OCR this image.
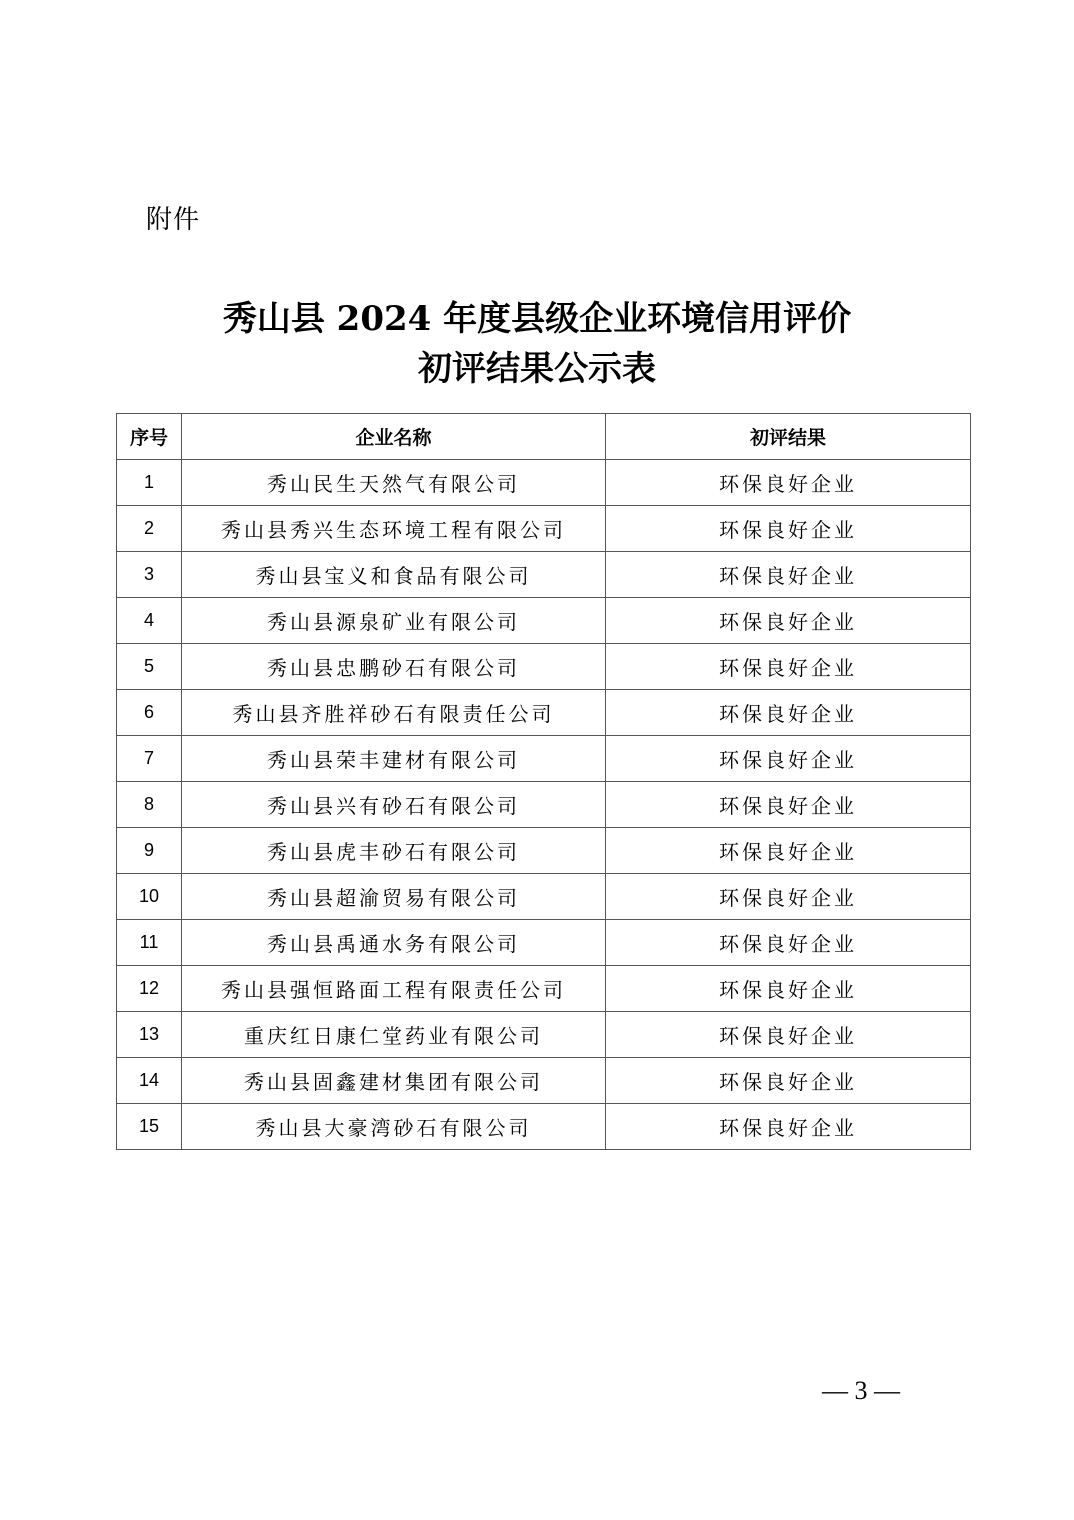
附件
秀山县 2024 年度县级企业环境信用评价
初评结果公示表
序号	企业名称	初评结果
1	秀山民生天然气有限公司	环保良好企业
2	秀山县秀兴生态环境工程有限公司	环保良好企业
3	秀山县宝义和食品有限公司	环保良好企业
4	秀山县源泉矿业有限公司	环保良好企业
5	秀山县忠鹏砂石有限公司	环保良好企业
6	秀山县齐胜祥砂石有限责任公司	环保良好企业
7	秀山县荣丰建材有限公司	环保良好企业
8	秀山县兴有砂石有限公司	环保良好企业
9	秀山县虎丰砂石有限公司	环保良好企业
10	秀山县超渝贸易有限公司	环保良好企业
11	秀山县禹通水务有限公司	环保良好企业
12	秀山县强恒路面工程有限责任公司	环保良好企业
13	重庆红日康仁堂药业有限公司	环保良好企业
14	秀山县固鑫建材集团有限公司	环保良好企业
15	秀山县大豪湾砂石有限公司	环保良好企业
— 3 —
